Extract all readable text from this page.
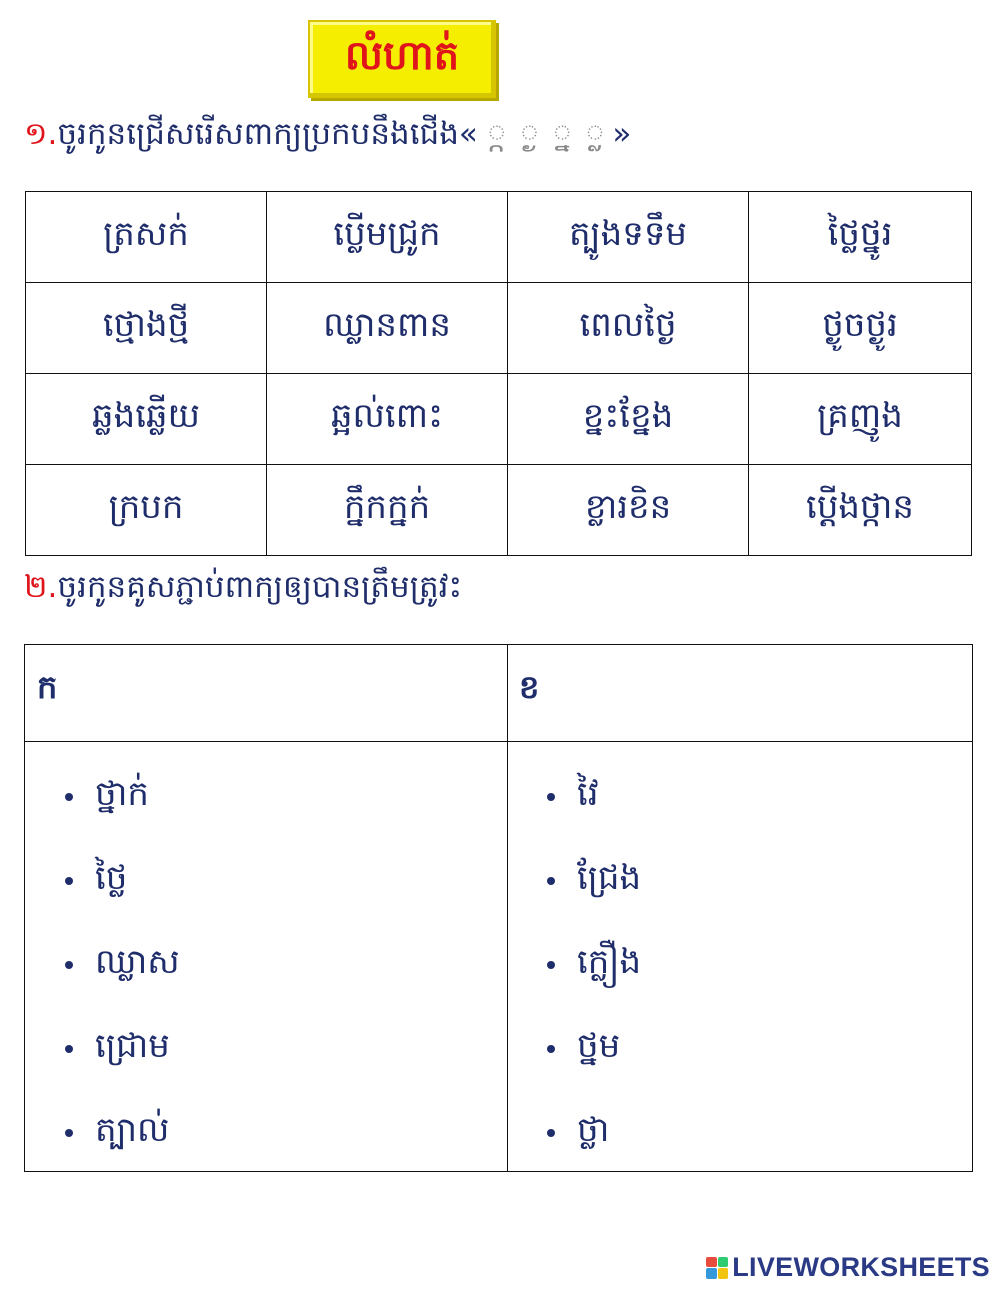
លំហាត់
១. ចូរកូនជ្រើសរើសពាក្យប្រកបនឹងជើង« ្ក ្ង ្ន ្ល »
ត្រសក់	ប្លើមជ្រូក	ត្បូងទទឹម	ថ្លៃថ្នូរ
ថ្មោងថ្មី	ឈ្លានពាន	ពេលថ្ងៃ	ថ្ងូចថ្ងូរ
ឆ្លងឆ្លើយ	ឆ្អល់ពោះ	ខ្នះខ្នែង	គ្រញូង
ក្របក	ក្នឹកក្នក់	ខ្លារខិន	ប្តើងថ្កាន
២. ចូរកូនគូសភ្ជាប់ពាក្យឲ្យបានត្រឹមត្រូវះ
ក	ខ
ថ្នាក់
ថ្លៃ
ឈ្លាស
ជ្រោម
ត្បាល់
វៃ
ជ្រែង
ក្លឿង
ថ្នម
ថ្លា
LIVEWORKSHEETS
